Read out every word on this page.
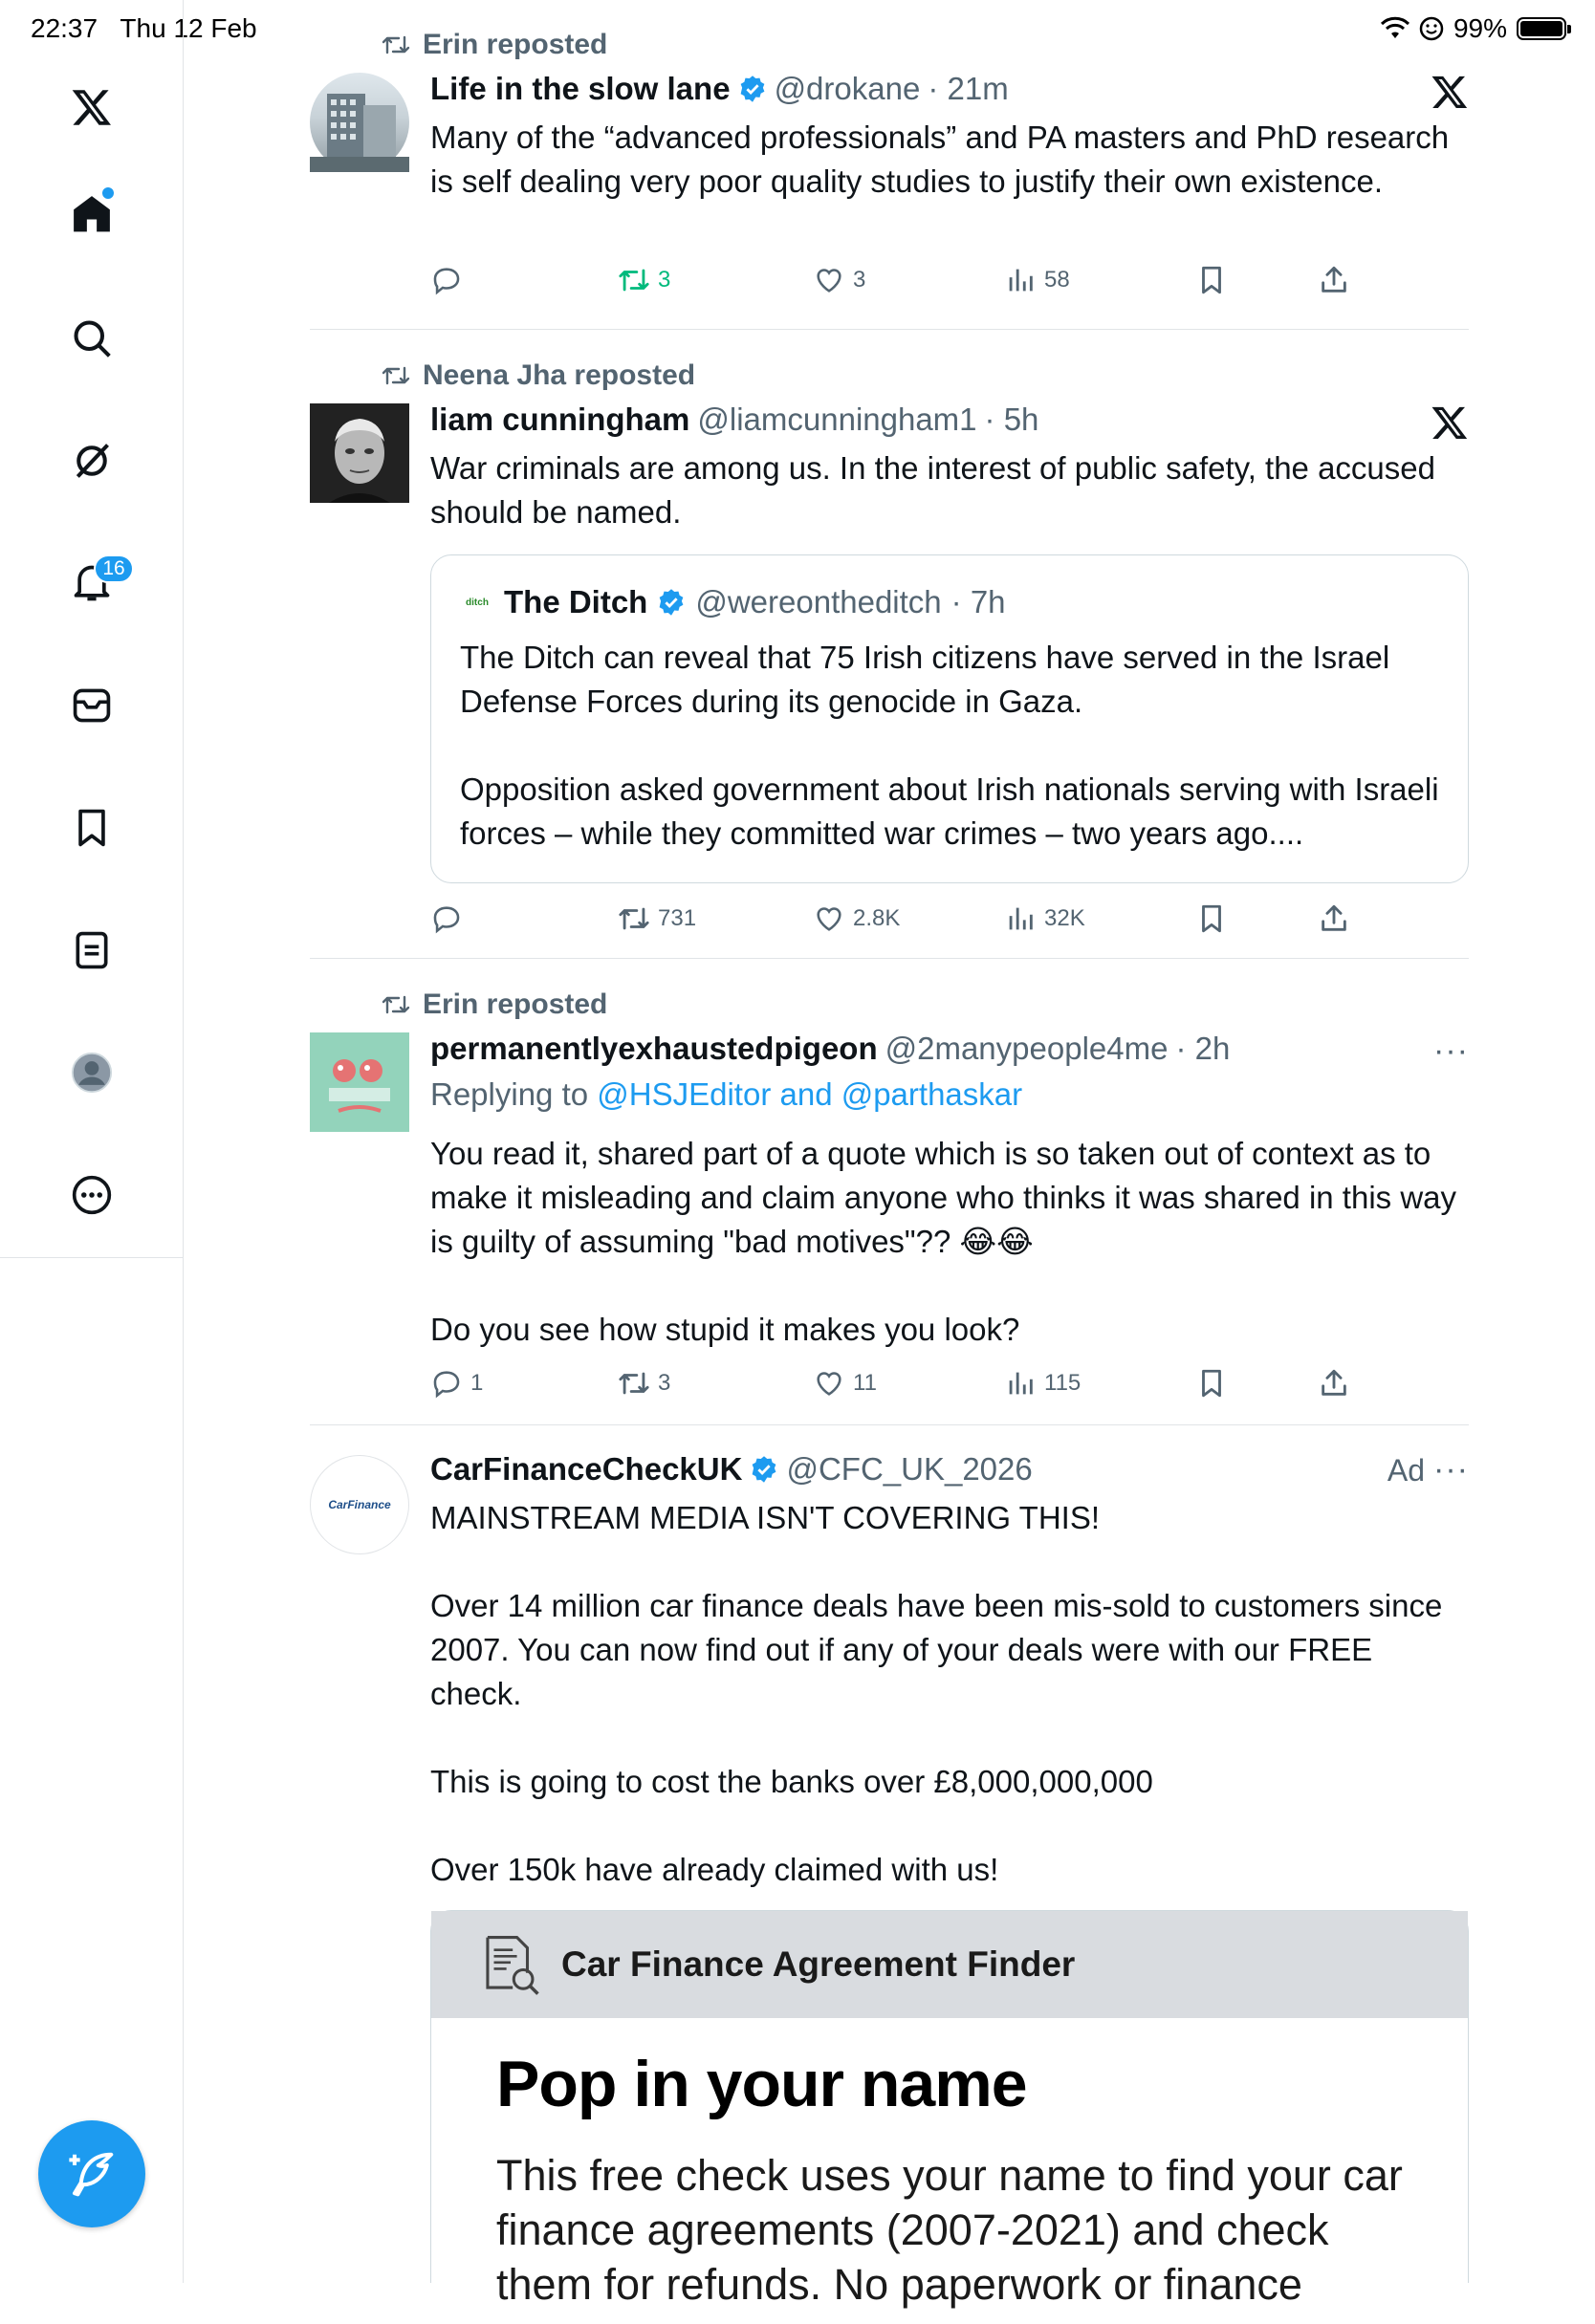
22:37 Thu 12 Feb	99%
16
Erin reposted
Life in the slow lane @drokane · 21m
Many of the “advanced professionals” and PA masters and PhD research is self dealing very poor quality studies to justify their own existence.
3	3	58
Neena Jha reposted
liam cunningham @liamcunningham1 · 5h
War criminals are among us. In the interest of public safety, the accused should be named.
ditch The Ditch @wereontheditch · 7h
The Ditch can reveal that 75 Irish citizens have served in the Israel Defense Forces during its genocide in Gaza.

Opposition asked government about Irish nationals serving with Israeli forces – while they committed war crimes – two years ago....
731	2.8K	32K
Erin reposted
permanentlyexhaustedpigeon @2manypeople4me · 2h	···
Replying to @HSJEditor and @parthaskar
You read it, shared part of a quote which is so taken out of context as to make it misleading and claim anyone who thinks it was shared in this way is guilty of assuming "bad motives"?? 😂😂

Do you see how stupid it makes you look?
1	3	11	115
CarFinance
CarFinanceCheckUK @CFC_UK_2026	Ad ···
MAINSTREAM MEDIA ISN'T COVERING THIS!

Over 14 million car finance deals have been mis-sold to customers since 2007. You can now find out if any of your deals were with our FREE check.

This is going to cost the banks over £8,000,000,000

Over 150k have already claimed with us!
Car Finance Agreement Finder
Pop in your name
This free check uses your name to find your car finance agreements (2007-2021) and check them for refunds. No paperwork or finance
